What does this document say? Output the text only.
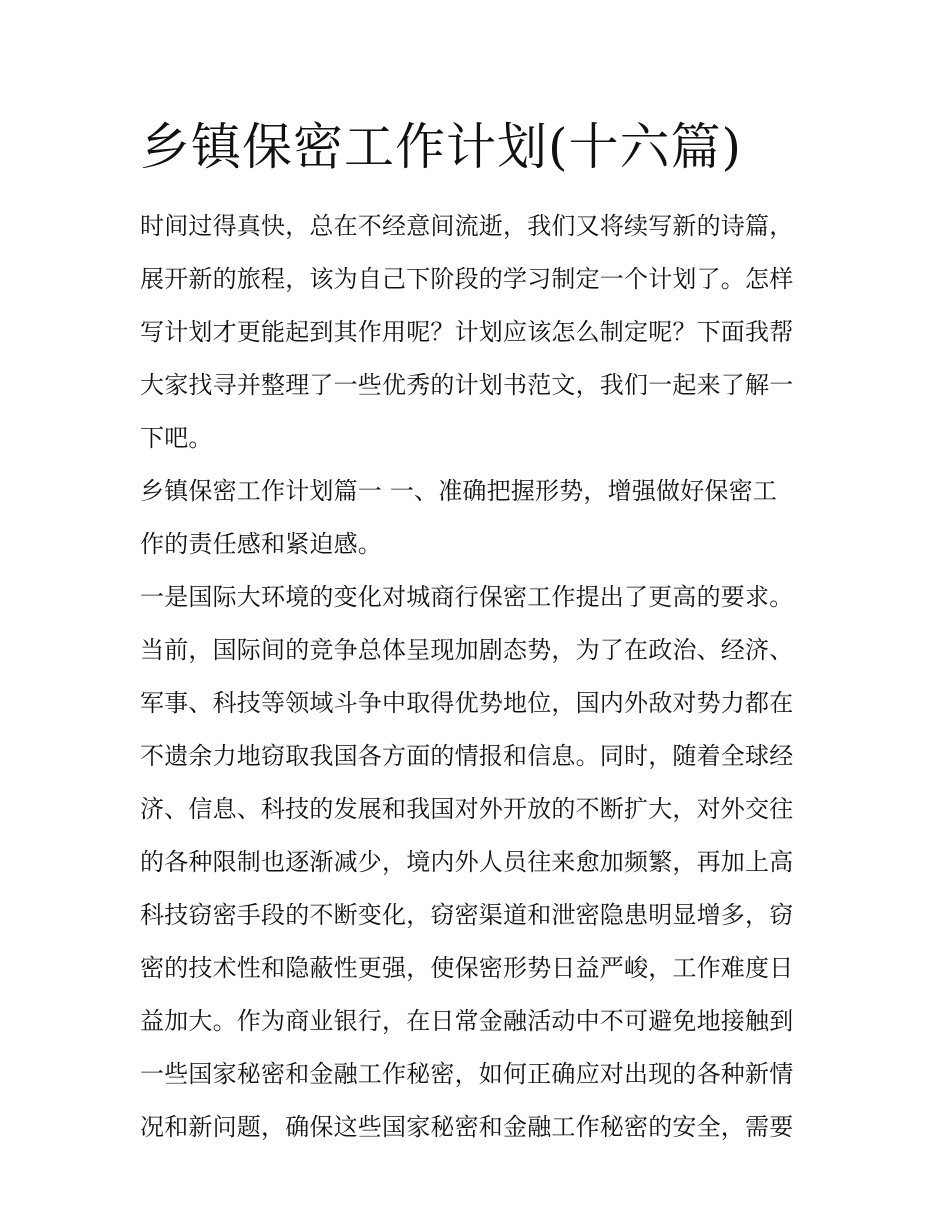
乡镇保密工作计划(十六篇)
时间过得真快，总在不经意间流逝，我们又将续写新的诗篇，
展开新的旅程，该为自己下阶段的学习制定一个计划了。怎样
写计划才更能起到其作用呢？计划应该怎么制定呢？下面我帮
大家找寻并整理了一些优秀的计划书范文，我们一起来了解一
下吧。
乡镇保密工作计划篇一 一、准确把握形势，增强做好保密工
作的责任感和紧迫感。
一是国际大环境的变化对城商行保密工作提出了更高的要求。
当前，国际间的竞争总体呈现加剧态势，为了在政治、经济、
军事、科技等领域斗争中取得优势地位，国内外敌对势力都在
不遗余力地窃取我国各方面的情报和信息。同时，随着全球经
济、信息、科技的发展和我国对外开放的不断扩大，对外交往
的各种限制也逐渐减少，境内外人员往来愈加频繁，再加上高
科技窃密手段的不断变化，窃密渠道和泄密隐患明显增多，窃
密的技术性和隐蔽性更强，使保密形势日益严峻，工作难度日
益加大。作为商业银行，在日常金融活动中不可避免地接触到
一些国家秘密和金融工作秘密，如何正确应对出现的各种新情
况和新问题，确保这些国家秘密和金融工作秘密的安全，需要
